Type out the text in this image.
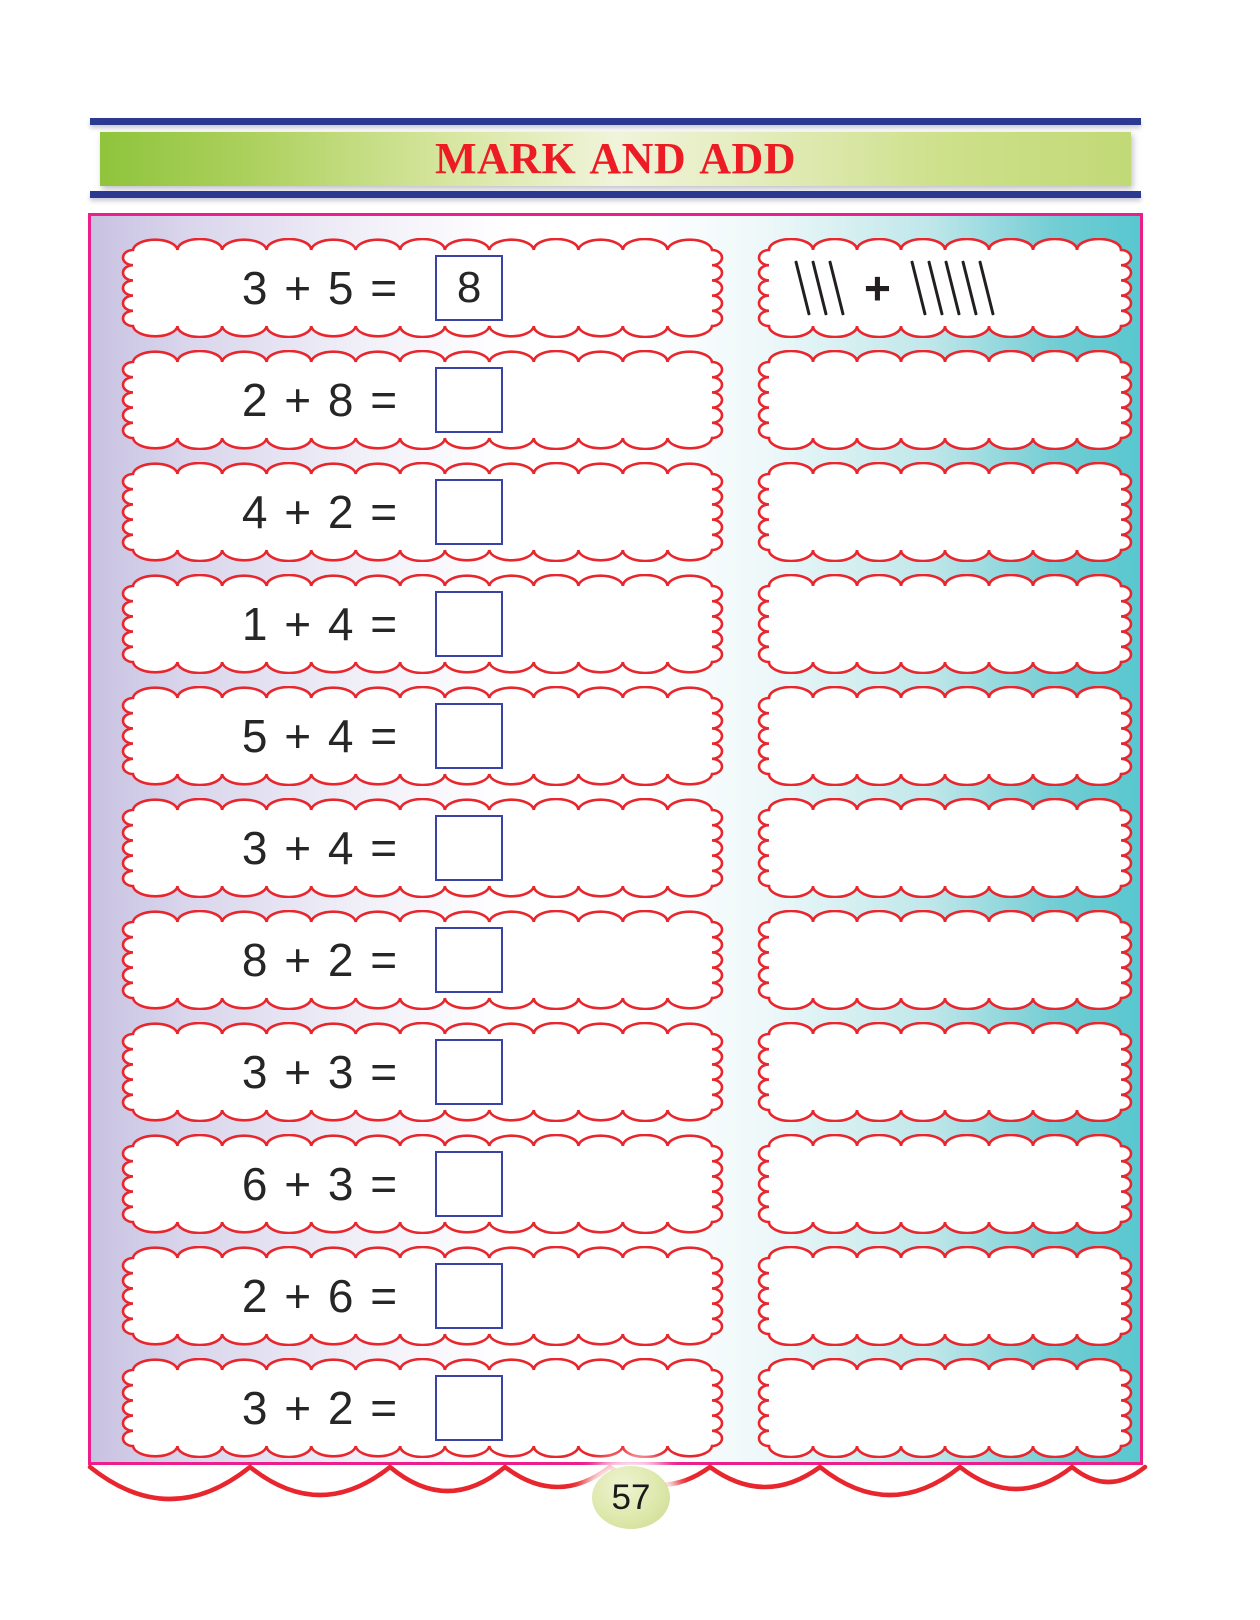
MARK AND ADD
3 + 5 =	8
2 + 8 =
4 + 2 =
1 + 4 =
5 + 4 =
3 + 4 =
8 + 2 =
3 + 3 =
6 + 3 =
2 + 6 =
3 + 2 =
+
57
